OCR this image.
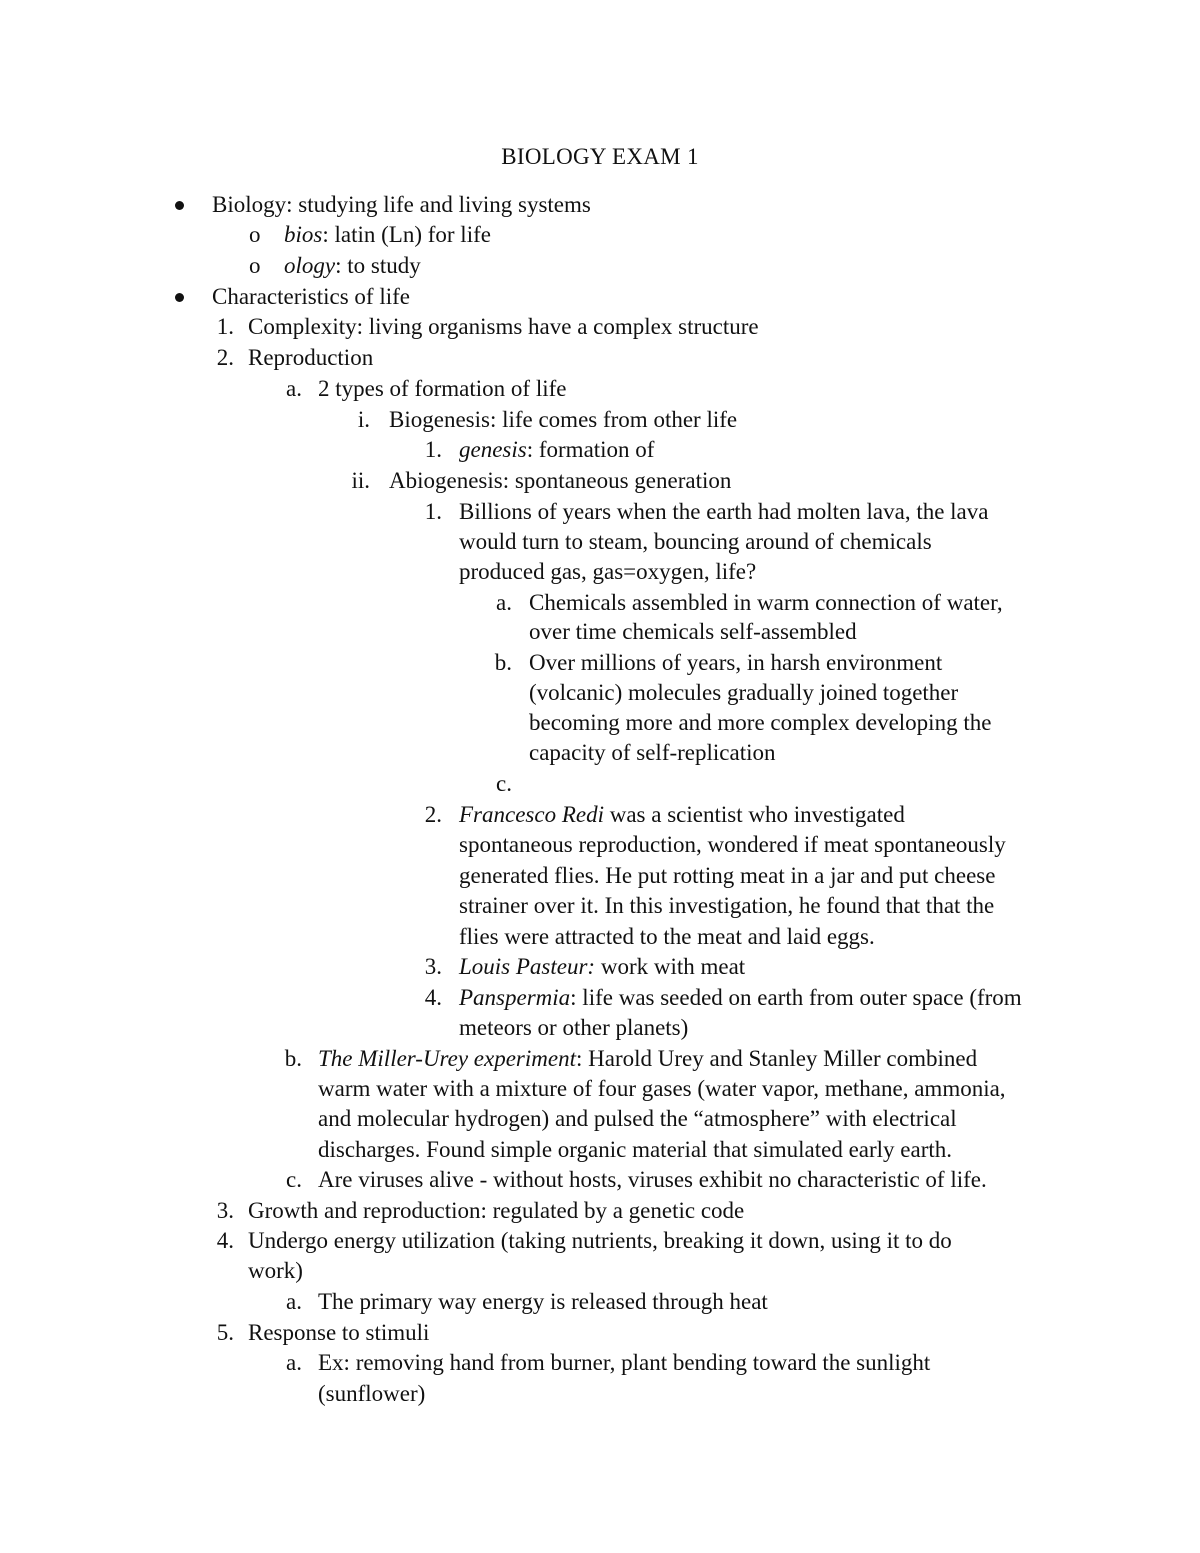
BIOLOGY EXAM 1
Biology: studying life and living systems
o bios: latin (Ln) for life
o ology: to study
Characteristics of life
1. Complexity: living organisms have a complex structure
2. Reproduction
a. 2 types of formation of life
i. Biogenesis: life comes from other life
1. genesis: formation of
ii. Abiogenesis: spontaneous generation
1. Billions of years when the earth had molten lava, the lava
would turn to steam, bouncing around of chemicals
produced gas, gas=oxygen, life?
a. Chemicals assembled in warm connection of water,
over time chemicals self-assembled
b. Over millions of years, in harsh environment
(volcanic) molecules gradually joined together
becoming more and more complex developing the
capacity of self-replication
c.
2. Francesco Redi was a scientist who investigated
spontaneous reproduction, wondered if meat spontaneously
generated flies. He put rotting meat in a jar and put cheese
strainer over it. In this investigation, he found that that the
flies were attracted to the meat and laid eggs.
3. Louis Pasteur: work with meat
4. Panspermia: life was seeded on earth from outer space (from
meteors or other planets)
b. The Miller-Urey experiment: Harold Urey and Stanley Miller combined
warm water with a mixture of four gases (water vapor, methane, ammonia,
and molecular hydrogen) and pulsed the “atmosphere” with electrical
discharges. Found simple organic material that simulated early earth.
c. Are viruses alive - without hosts, viruses exhibit no characteristic of life.
3. Growth and reproduction: regulated by a genetic code
4. Undergo energy utilization (taking nutrients, breaking it down, using it to do
work)
a. The primary way energy is released through heat
5. Response to stimuli
a. Ex: removing hand from burner, plant bending toward the sunlight
(sunflower)
